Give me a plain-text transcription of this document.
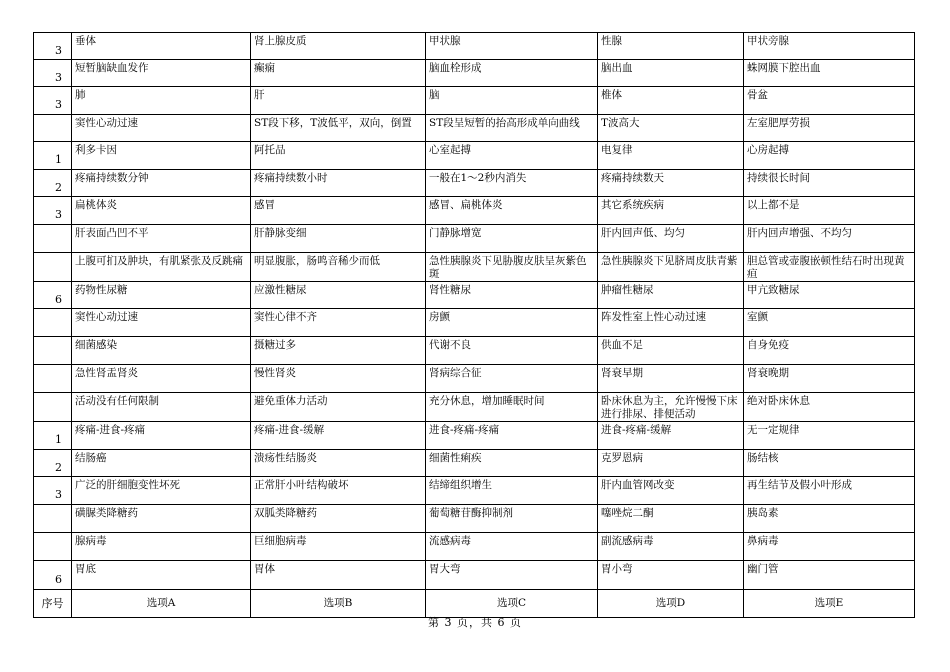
3	垂体	肾上腺皮质	甲状腺	性腺	甲状旁腺
3	短暂脑缺血发作	癫痫	脑血栓形成	脑出血	蛛网膜下腔出血
3	肺	肝	脑	椎体	骨盆
	窦性心动过速	ST段下移，T波低平，双向，倒置	ST段呈短暂的抬高形成单向曲线	T波高大	左室肥厚劳损
1	利多卡因	阿托品	心室起搏	电复律	心房起搏
2	疼痛持续数分钟	疼痛持续数小时	一般在1～2秒内消失	疼痛持续数天	持续很长时间
3	扁桃体炎	感冒	感冒、扁桃体炎	其它系统疾病	以上都不是
	肝表面凸凹不平	肝静脉变细	门静脉增宽	肝内回声低、均匀	肝内回声增强、不均匀
	上腹可扪及肿块，有肌紧张及反跳痛	明显腹胀，肠鸣音稀少而低	急性胰腺炎下见胁腹皮肤呈灰紫色斑	急性胰腺炎下见脐周皮肤青紫	胆总管或壶腹嵌顿性结石时出现黄疸
6	药物性尿糖	应激性糖尿	肾性糖尿	肿瘤性糖尿	甲亢致糖尿
	窦性心动过速	窦性心律不齐	房颤	阵发性室上性心动过速	室颤
	细菌感染	摄糖过多	代谢不良	供血不足	自身免疫
	急性肾盂肾炎	慢性肾炎	肾病综合征	肾衰早期	肾衰晚期
	活动没有任何限制	避免重体力活动	充分休息，增加睡眠时间	卧床休息为主，允许慢慢下床进行排尿、排便活动	绝对卧床休息
1	疼痛-进食-疼痛	疼痛-进食-缓解	进食-疼痛-疼痛	进食-疼痛-缓解	无一定规律
2	结肠癌	溃疡性结肠炎	细菌性痢疾	克罗恩病	肠结核
3	广泛的肝细胞变性坏死	正常肝小叶结构破坏	结缔组织增生	肝内血管网改变	再生结节及假小叶形成
	磺脲类降糖药	双胍类降糖药	葡萄糖苷酶抑制剂	噻唑烷二酮	胰岛素
	腺病毒	巨细胞病毒	流感病毒	副流感病毒	鼻病毒
6	胃底	胃体	胃大弯	胃小弯	幽门管
序号	选项A	选项B	选项C	选项D	选项E
第 3 页，共 6 页
